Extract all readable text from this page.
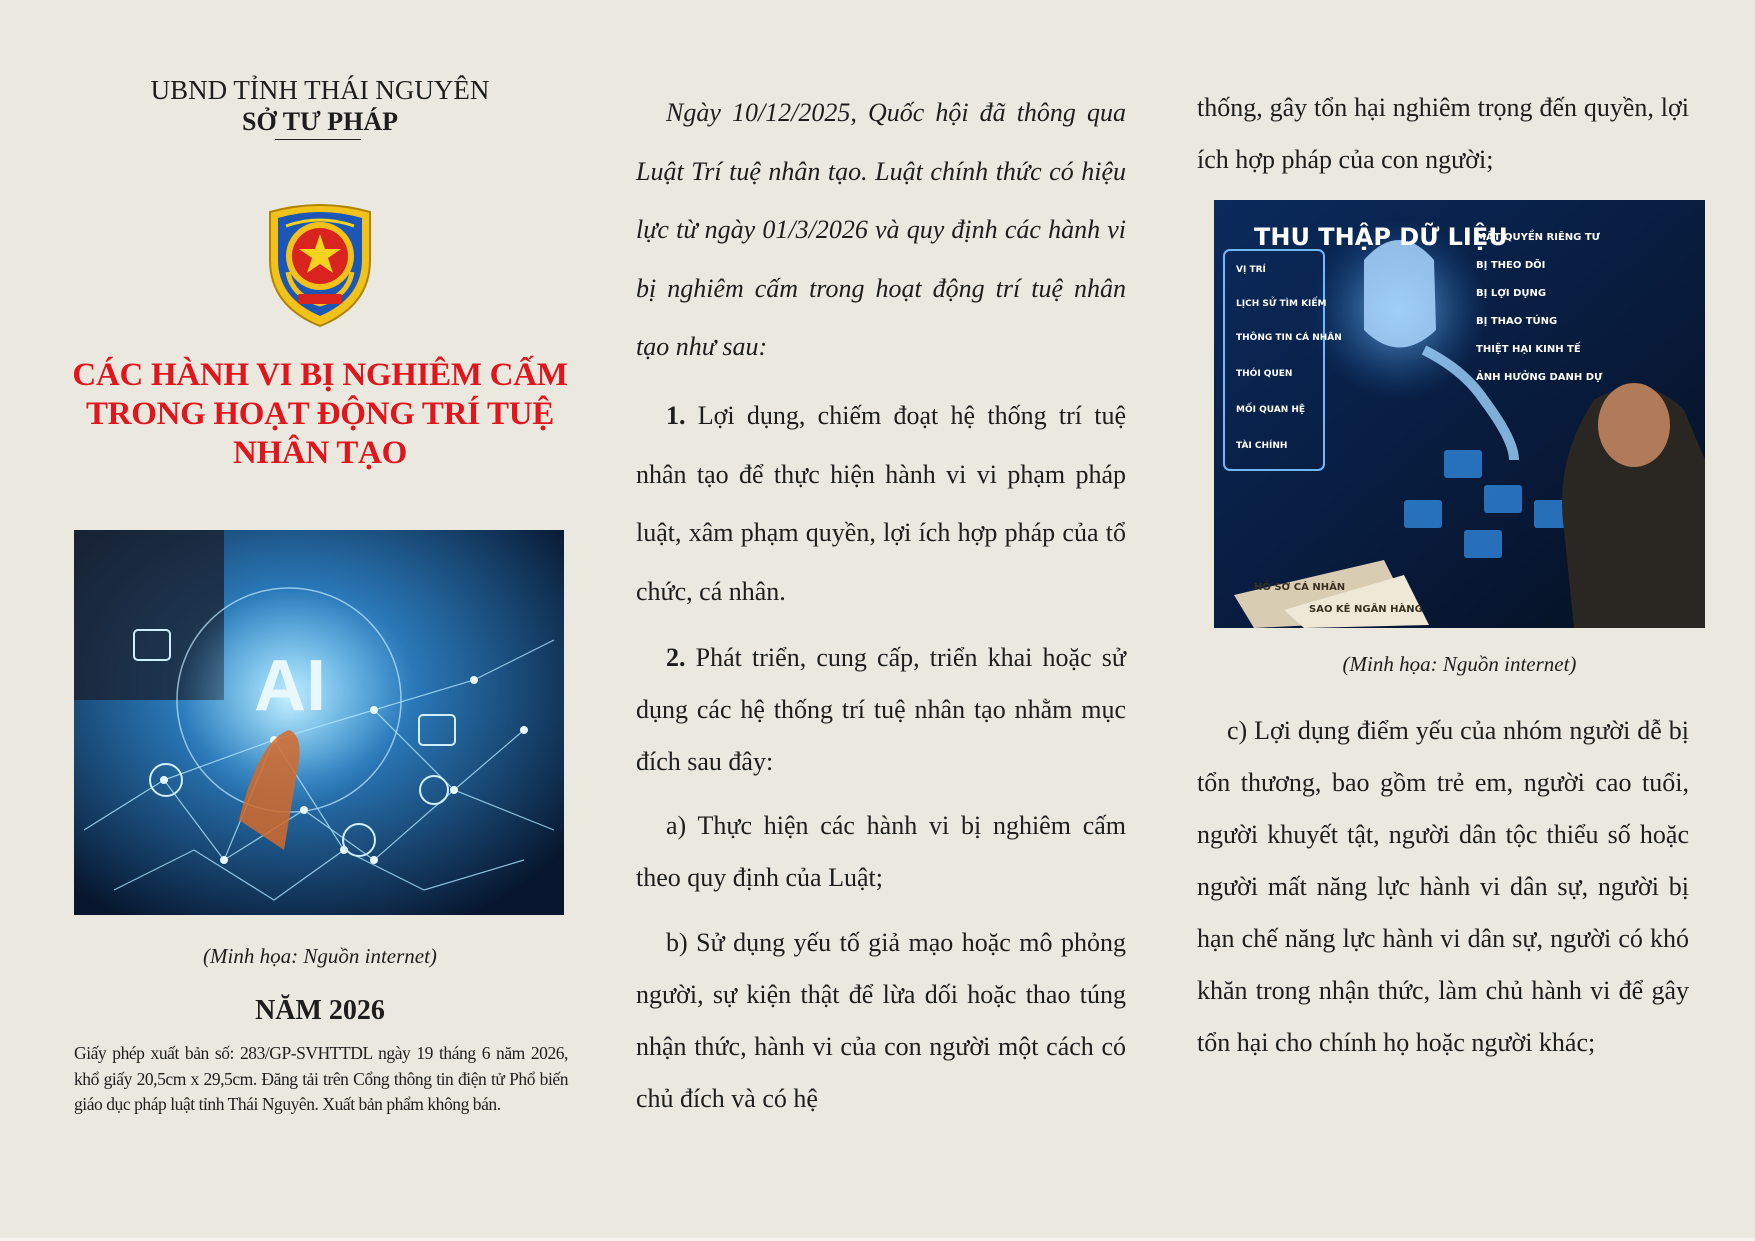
UBND TỈNH THÁI NGUYÊN
SỞ TƯ PHÁP
CÁC HÀNH VI BỊ NGHIÊM CẤM
TRONG HOẠT ĐỘNG TRÍ TUỆ
NHÂN TẠO
AI
(Minh họa: Nguồn internet)
NĂM 2026
Giấy phép xuất bản số: 283/GP-SVHTTDL ngày 19 tháng 6 năm 2026, khổ giấy 20,5cm x 29,5cm. Đăng tải trên Cổng thông tin điện tử Phổ biến giáo dục pháp luật tỉnh Thái Nguyên. Xuất bản phẩm không bán.
Ngày 10/12/2025, Quốc hội đã thông qua Luật Trí tuệ nhân tạo. Luật chính thức có hiệu lực từ ngày 01/3/2026 và quy định các hành vi bị nghiêm cấm trong hoạt động trí tuệ nhân tạo như sau:
1. Lợi dụng, chiếm đoạt hệ thống trí tuệ nhân tạo để thực hiện hành vi vi phạm pháp luật, xâm phạm quyền, lợi ích hợp pháp của tổ chức, cá nhân.
2. Phát triển, cung cấp, triển khai hoặc sử dụng các hệ thống trí tuệ nhân tạo nhằm mục đích sau đây:
a) Thực hiện các hành vi bị nghiêm cấm theo quy định của Luật;
b) Sử dụng yếu tố giả mạo hoặc mô phỏng người, sự kiện thật để lừa dối hoặc thao túng nhận thức, hành vi của con người một cách có chủ đích và có hệ
thống, gây tổn hại nghiêm trọng đến quyền, lợi ích hợp pháp của con người;
THU THẬP DỮ LIỆU
VỊ TRÍ
LỊCH SỬ TÌM KIẾM
THÔNG TIN CÁ NHÂN
THÓI QUEN
MỐI QUAN HỆ
TÀI CHÍNH
MẤT QUYỀN RIÊNG TƯ
BỊ THEO DÕI
BỊ LỢI DỤNG
BỊ THAO TÚNG
THIỆT HẠI KINH TẾ
ẢNH HƯỞNG DANH DỰ
HỒ SƠ CÁ NHÂN
SAO KÊ NGÂN HÀNG
(Minh họa: Nguồn internet)
c) Lợi dụng điểm yếu của nhóm người dễ bị tổn thương, bao gồm trẻ em, người cao tuổi, người khuyết tật, người dân tộc thiểu số hoặc người mất năng lực hành vi dân sự, người bị hạn chế năng lực hành vi dân sự, người có khó khăn trong nhận thức, làm chủ hành vi để gây tổn hại cho chính họ hoặc người khác;
